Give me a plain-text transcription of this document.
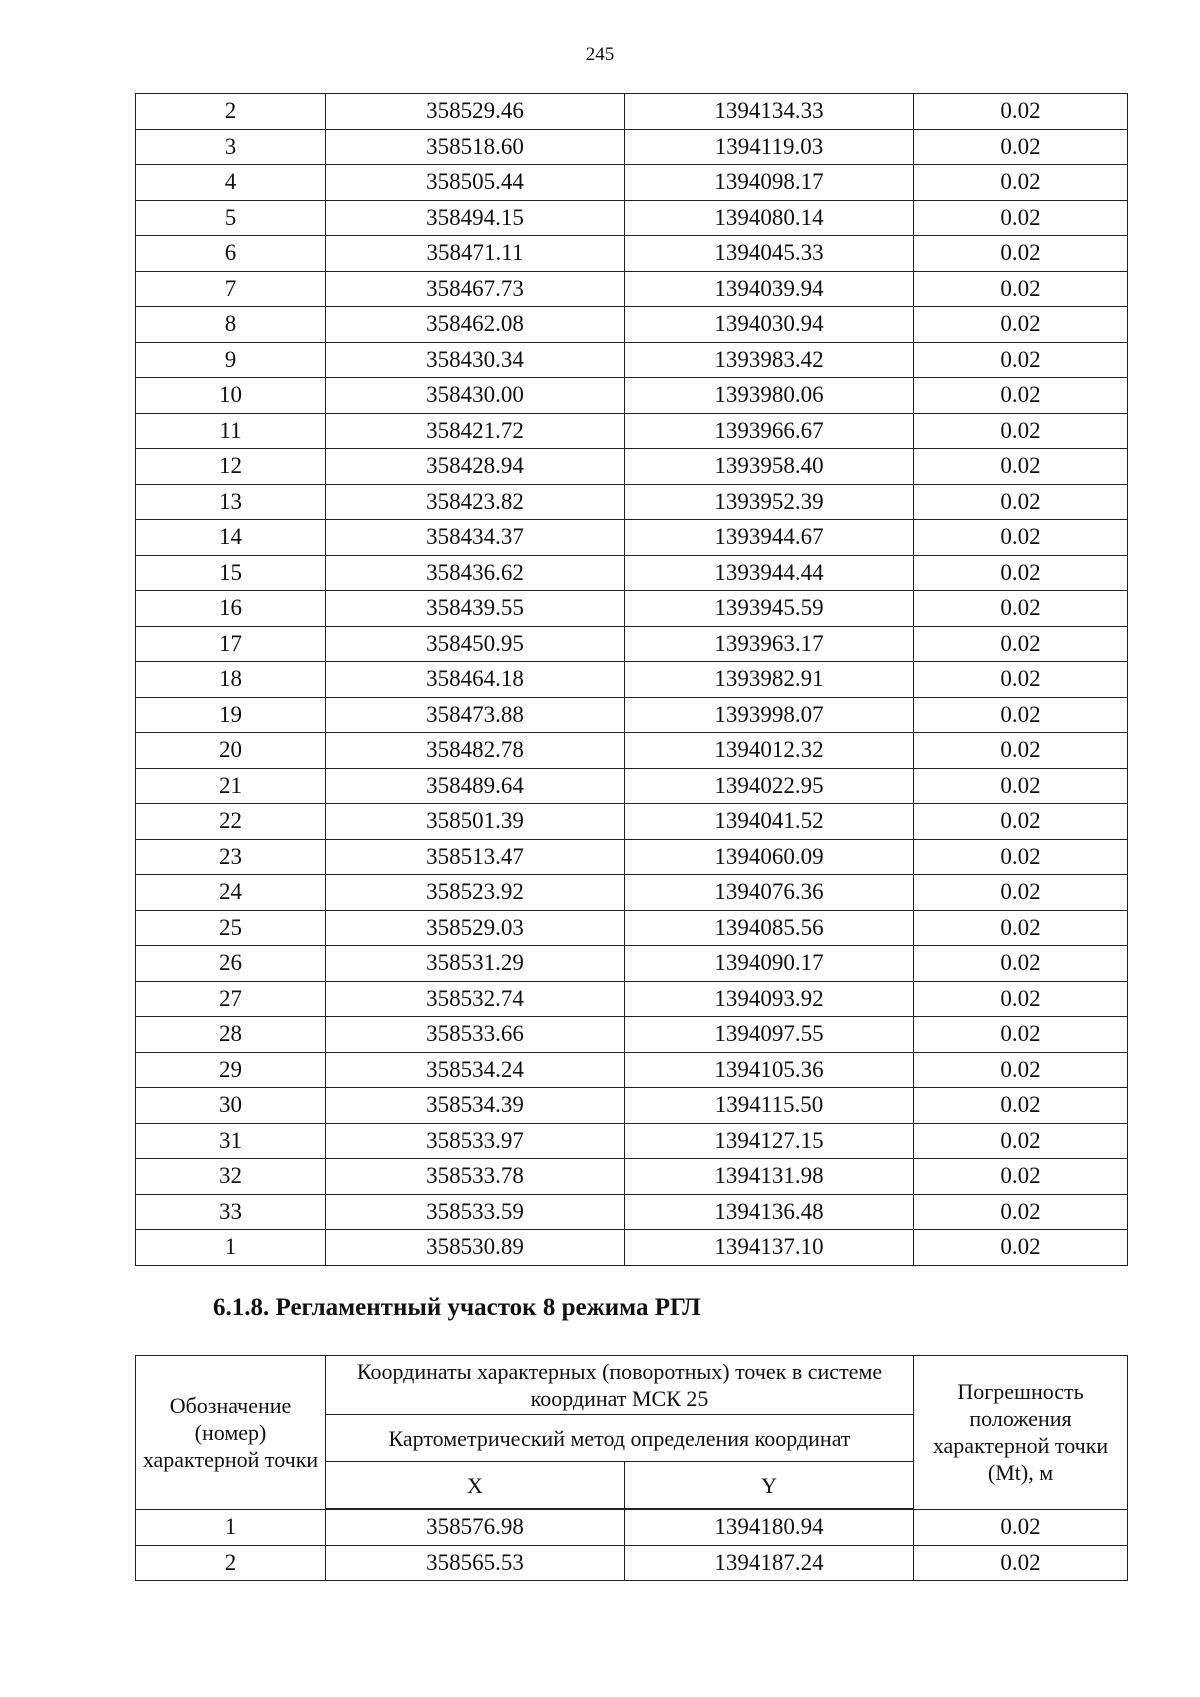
245
2	358529.46	1394134.33	0.02
3	358518.60	1394119.03	0.02
4	358505.44	1394098.17	0.02
5	358494.15	1394080.14	0.02
6	358471.11	1394045.33	0.02
7	358467.73	1394039.94	0.02
8	358462.08	1394030.94	0.02
9	358430.34	1393983.42	0.02
10	358430.00	1393980.06	0.02
11	358421.72	1393966.67	0.02
12	358428.94	1393958.40	0.02
13	358423.82	1393952.39	0.02
14	358434.37	1393944.67	0.02
15	358436.62	1393944.44	0.02
16	358439.55	1393945.59	0.02
17	358450.95	1393963.17	0.02
18	358464.18	1393982.91	0.02
19	358473.88	1393998.07	0.02
20	358482.78	1394012.32	0.02
21	358489.64	1394022.95	0.02
22	358501.39	1394041.52	0.02
23	358513.47	1394060.09	0.02
24	358523.92	1394076.36	0.02
25	358529.03	1394085.56	0.02
26	358531.29	1394090.17	0.02
27	358532.74	1394093.92	0.02
28	358533.66	1394097.55	0.02
29	358534.24	1394105.36	0.02
30	358534.39	1394115.50	0.02
31	358533.97	1394127.15	0.02
32	358533.78	1394131.98	0.02
33	358533.59	1394136.48	0.02
1	358530.89	1394137.10	0.02
6.1.8. Регламентный участок 8 режима РГЛ
Обозначение (номер) характерной точки	Координаты характерных (поворотных) точек в системе координат МСК 25		Погрешность положения характерной точки (Mt), м
	Картометрический метод определения координат		
	X	Y	
1	358576.98	1394180.94	0.02
2	358565.53	1394187.24	0.02
